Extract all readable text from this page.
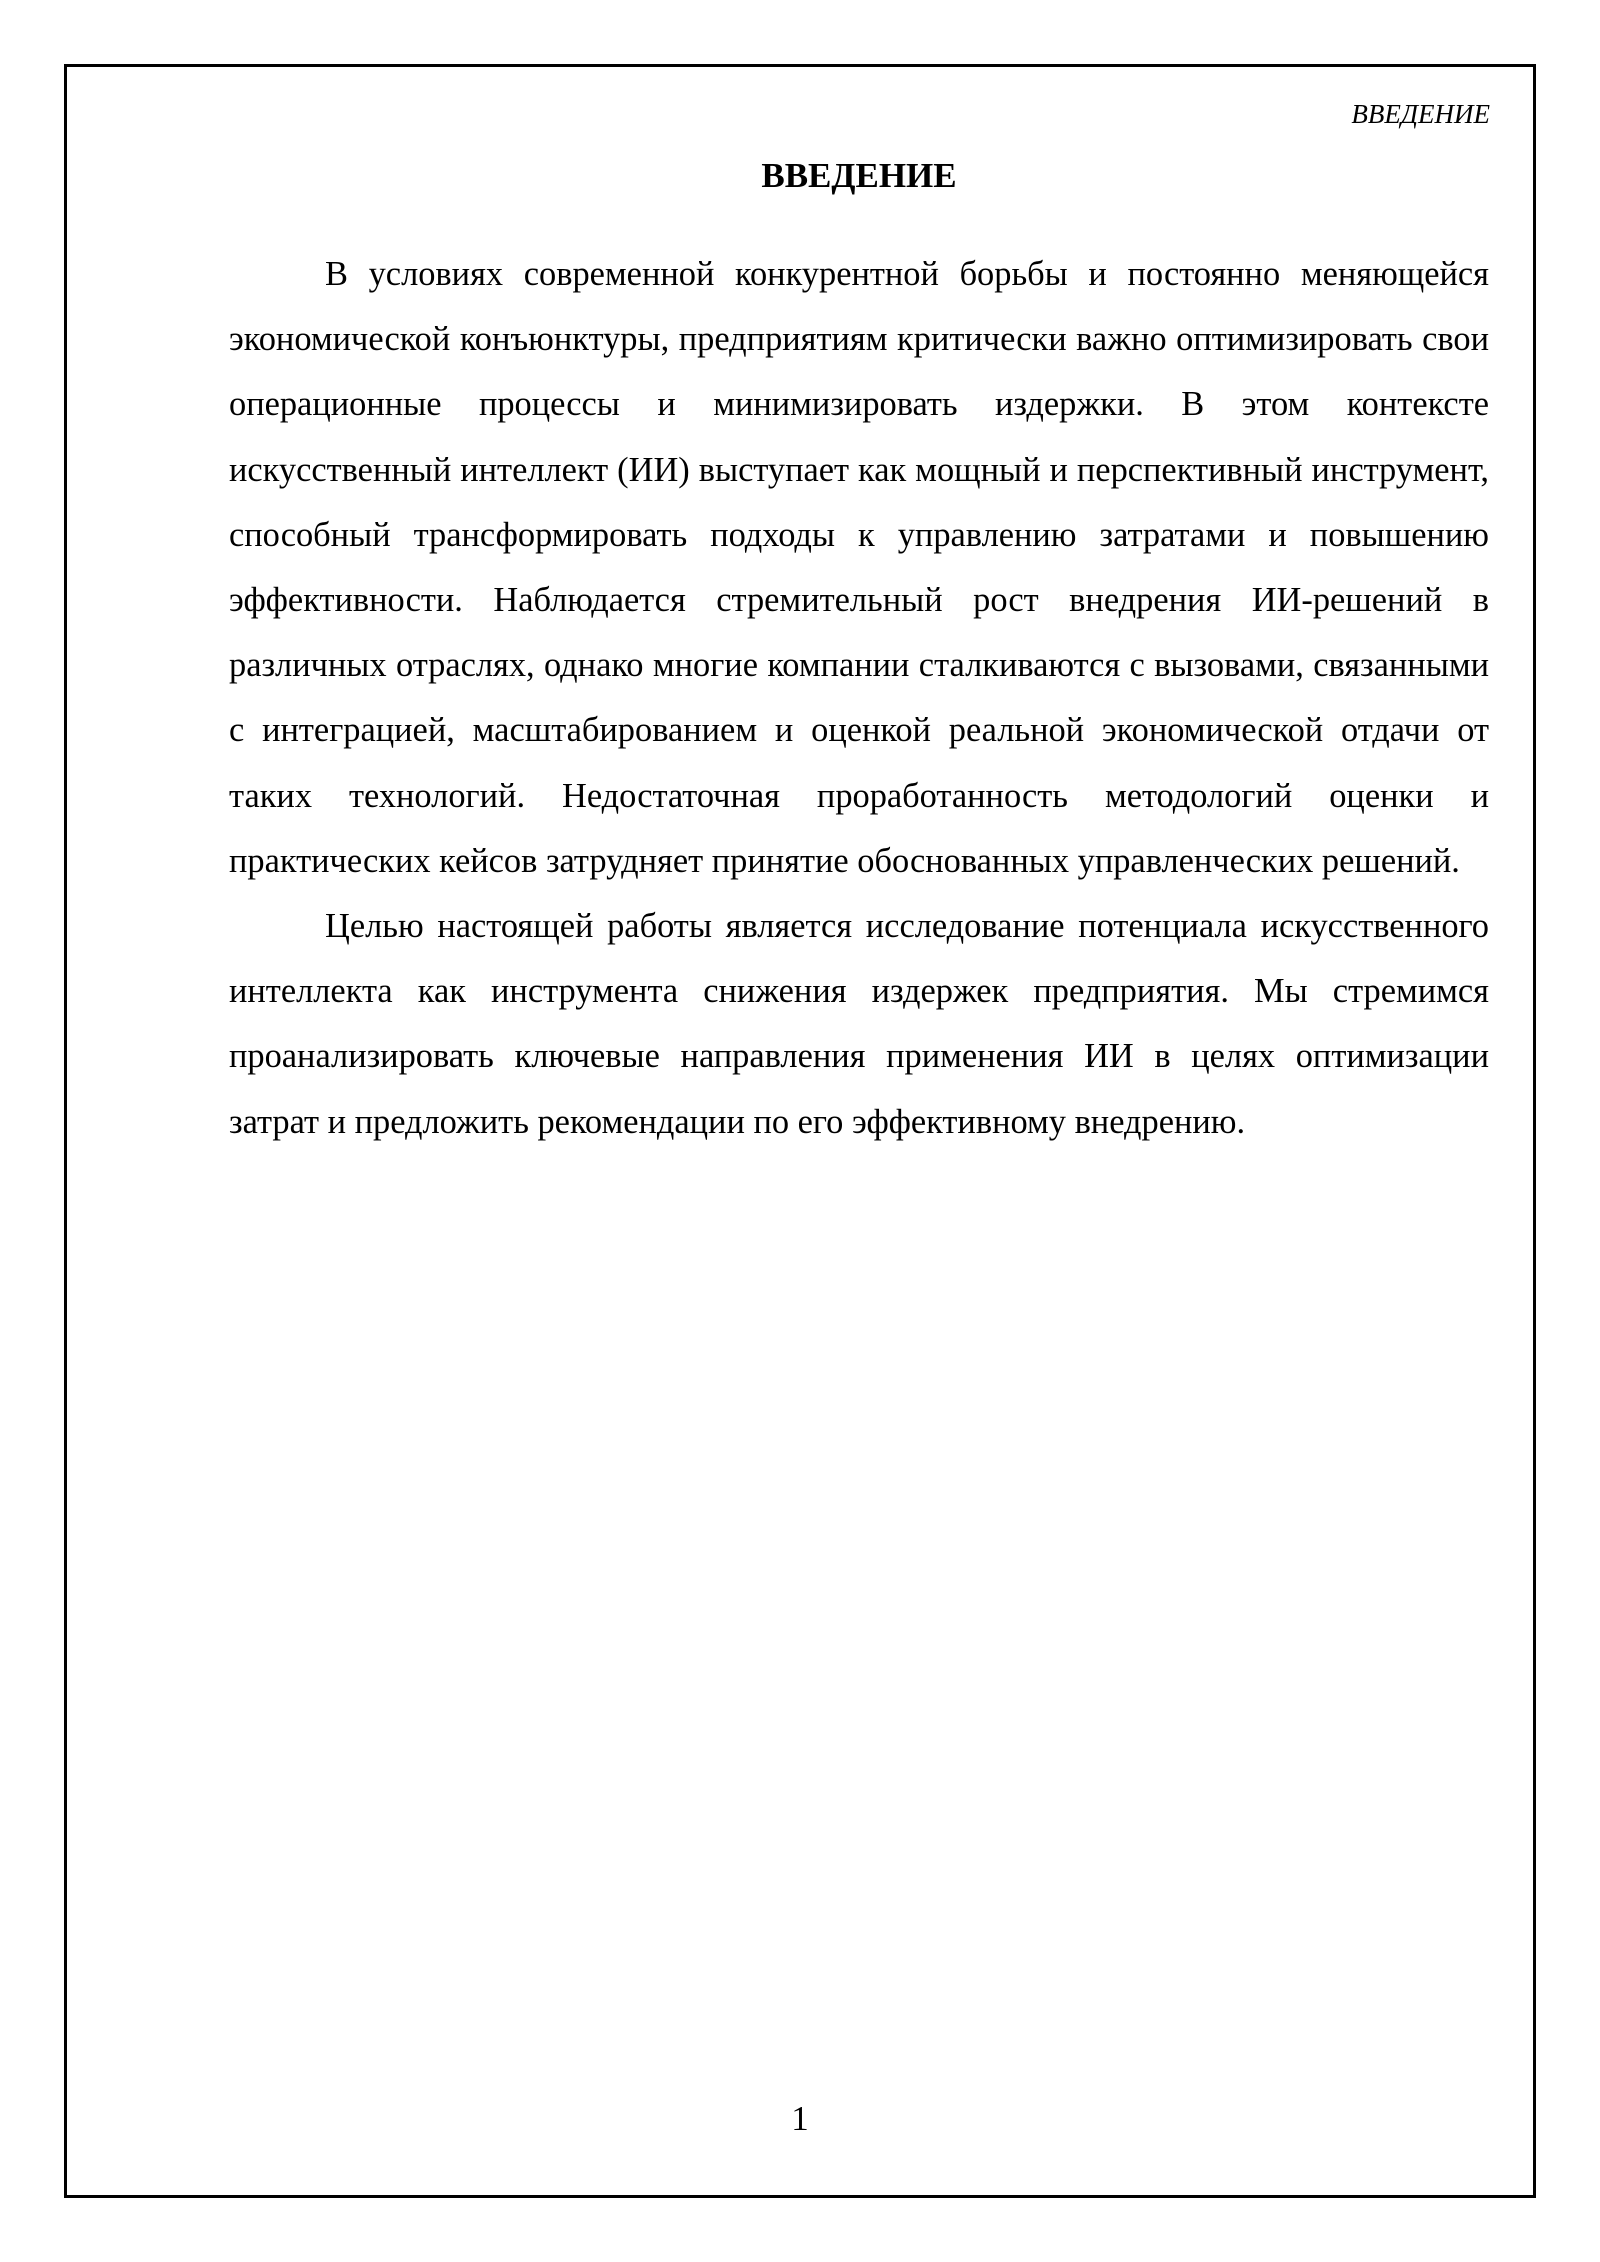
ВВЕДЕНИЕ
ВВЕДЕНИЕ

В условиях современной конкурентной борьбы и постоянно меняющейся экономической конъюнктуры, предприятиям критически важно оптимизировать свои операционные процессы и минимизировать издержки. В этом контексте искусственный интеллект (ИИ) выступает как мощный и перспективный инструмент, способный трансформировать подходы к управлению затратами и повышению эффективности. Наблюдается стремительный рост внедрения ИИ-решений в различных отраслях, однако многие компании сталкиваются с вызовами, связанными с интеграцией, масштабированием и оценкой реальной экономической отдачи от таких технологий. Недостаточная проработанность методологий оценки и практических кейсов затрудняет принятие обоснованных управленческих решений.

Целью настоящей работы является исследование потенциала искусственного интеллекта как инструмента снижения издержек предприятия. Мы стремимся проанализировать ключевые направления применения ИИ в целях оптимизации затрат и предложить рекомендации по его эффективному внедрению.

1
